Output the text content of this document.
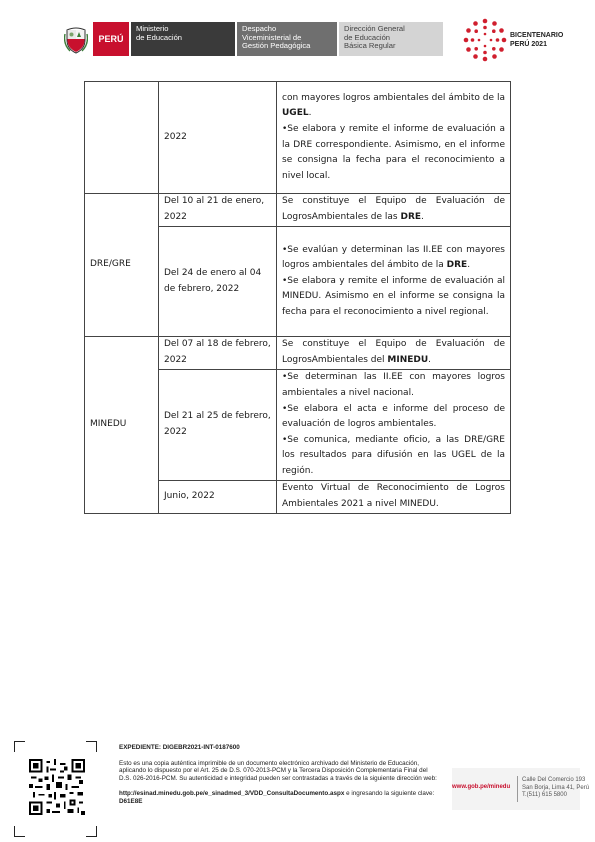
PERÚ
Ministerio
de Educación
Despacho
Viceministerial de
Gestión Pedagógica
Dirección General
de Educación
Básica Regular
BICENTENARIO
PERÚ 2021
	2022	con mayores logros ambientales del ámbito de la UGEL.

•Se elabora y remite el informe de evaluación a la DRE correspondiente. Asimismo, en el informe se consigna la fecha para el reconocimiento a nivel local.

DRE/GRE	Del 10 al 21 de enero, 2022	Se constituye el Equipo de Evaluación de LogrosAmbientales de las DRE.

	Del 24 de enero al 04 de febrero, 2022	•Se evalúan y determinan las II.EE con mayores logros ambientales del ámbito de la DRE.

•Se elabora y remite el informe de evaluación al MINEDU. Asimismo en el informe se consigna la fecha para el reconocimiento a nivel regional.

MINEDU	Del 07 al 18 de febrero, 2022	Se constituye el Equipo de Evaluación de LogrosAmbientales del MINEDU.

	Del 21 al 25 de febrero, 2022	•Se determinan las II.EE con mayores logros ambientales a nivel nacional.

•Se elabora el acta e informe del proceso de evaluación de logros ambientales.

•Se comunica, mediante oficio, a las DRE/GRE los resultados para difusión en las UGEL de la región.

	Junio, 2022	Evento Virtual de Reconocimiento de Logros Ambientales 2021 a nivel MINEDU.

EXPEDIENTE: DIGEBR2021-INT-0187600

Esto es una copia auténtica imprimible de un documento electrónico archivado del Ministerio de Educación, aplicando lo dispuesto por el Art. 25 de D.S. 070-2013-PCM y la Tercera Disposición Complementaria Final del D.S. 026-2016-PCM. Su autenticidad e integridad pueden ser contrastadas a través de la siguiente dirección web:

http://esinad.minedu.gob.pe/e_sinadmed_3/VDD_ConsultaDocumento.aspx e ingresando la siguiente clave: D61E8E

www.gob.pe/minedu
Calle Del Comercio 193
San Borja, Lima 41, Perú
T.(511) 615 5800
